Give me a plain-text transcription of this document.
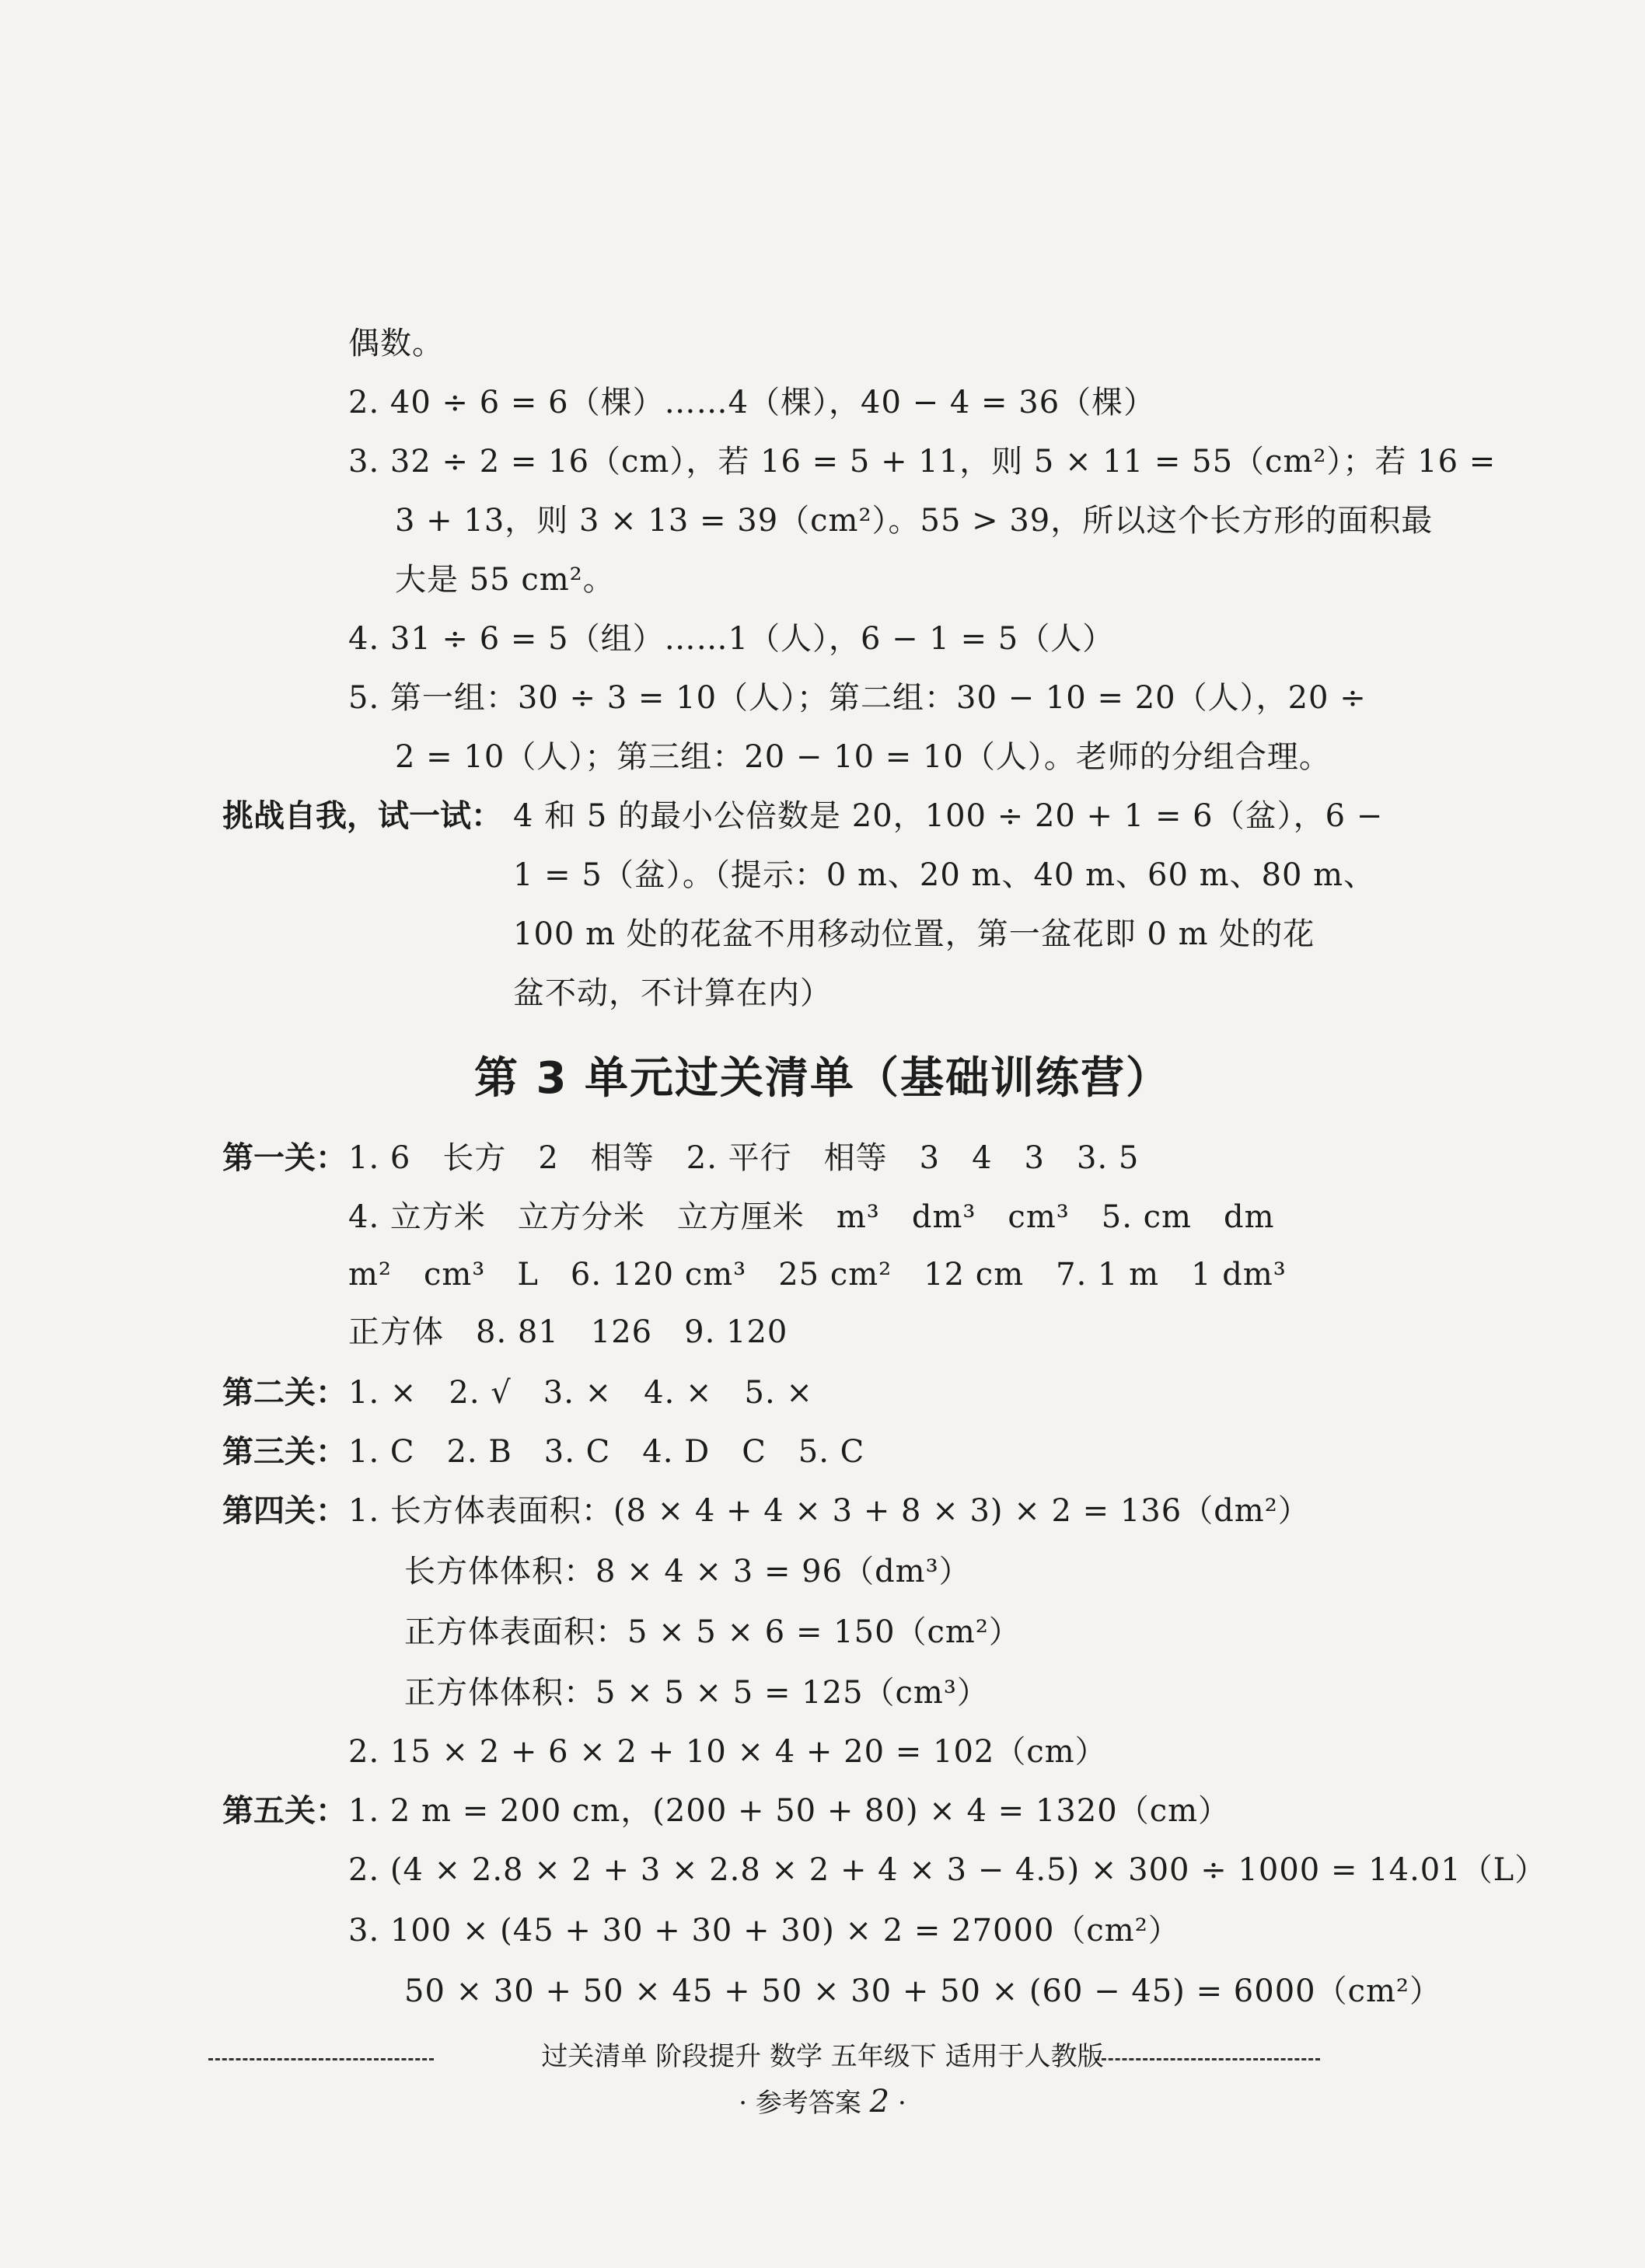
偶数。
2. 40 ÷ 6 = 6（棵）……4（棵），40 − 4 = 36（棵）
3. 32 ÷ 2 = 16（cm），若 16 = 5 + 11，则 5 × 11 = 55（cm²）；若 16 =
3 + 13，则 3 × 13 = 39（cm²）。55 > 39，所以这个长方形的面积最
大是 55 cm²。
4. 31 ÷ 6 = 5（组）……1（人），6 − 1 = 5（人）
5. 第一组：30 ÷ 3 = 10（人）；第二组：30 − 10 = 20（人），20 ÷
2 = 10（人）；第三组：20 − 10 = 10（人）。老师的分组合理。
挑战自我，试一试： 4 和 5 的最小公倍数是 20，100 ÷ 20 + 1 = 6（盆），6 −
1 = 5（盆）。（提示：0 m、20 m、40 m、60 m、80 m、
100 m 处的花盆不用移动位置，第一盆花即 0 m 处的花
盆不动，不计算在内）
第 3 单元过关清单（基础训练营）
第一关： 1. 6　长方　2　相等　2. 平行　相等　3　4　3　3. 5
4. 立方米　立方分米　立方厘米　m³　dm³　cm³　5. cm　dm
m²　cm³　L　6. 120 cm³　25 cm²　12 cm　7. 1 m　1 dm³
正方体　8. 81　126　9. 120
第二关： 1. ×　2. √　3. ×　4. ×　5. ×
第三关： 1. C　2. B　3. C　4. D　C　5. C
第四关： 1. 长方体表面积：(8 × 4 + 4 × 3 + 8 × 3) × 2 = 136（dm²）
长方体体积：8 × 4 × 3 = 96（dm³）
正方体表面积：5 × 5 × 6 = 150（cm²）
正方体体积：5 × 5 × 5 = 125（cm³）
2. 15 × 2 + 6 × 2 + 10 × 4 + 20 = 102（cm）
第五关： 1. 2 m = 200 cm，(200 + 50 + 80) × 4 = 1320（cm）
2. (4 × 2.8 × 2 + 3 × 2.8 × 2 + 4 × 3 − 4.5) × 300 ÷ 1000 = 14.01（L）
3. 100 × (45 + 30 + 30 + 30) × 2 = 27000（cm²）
50 × 30 + 50 × 45 + 50 × 30 + 50 × (60 − 45) = 6000（cm²）
过关清单 阶段提升 数学 五年级下 适用于人教版
· 参考答案 2 ·
